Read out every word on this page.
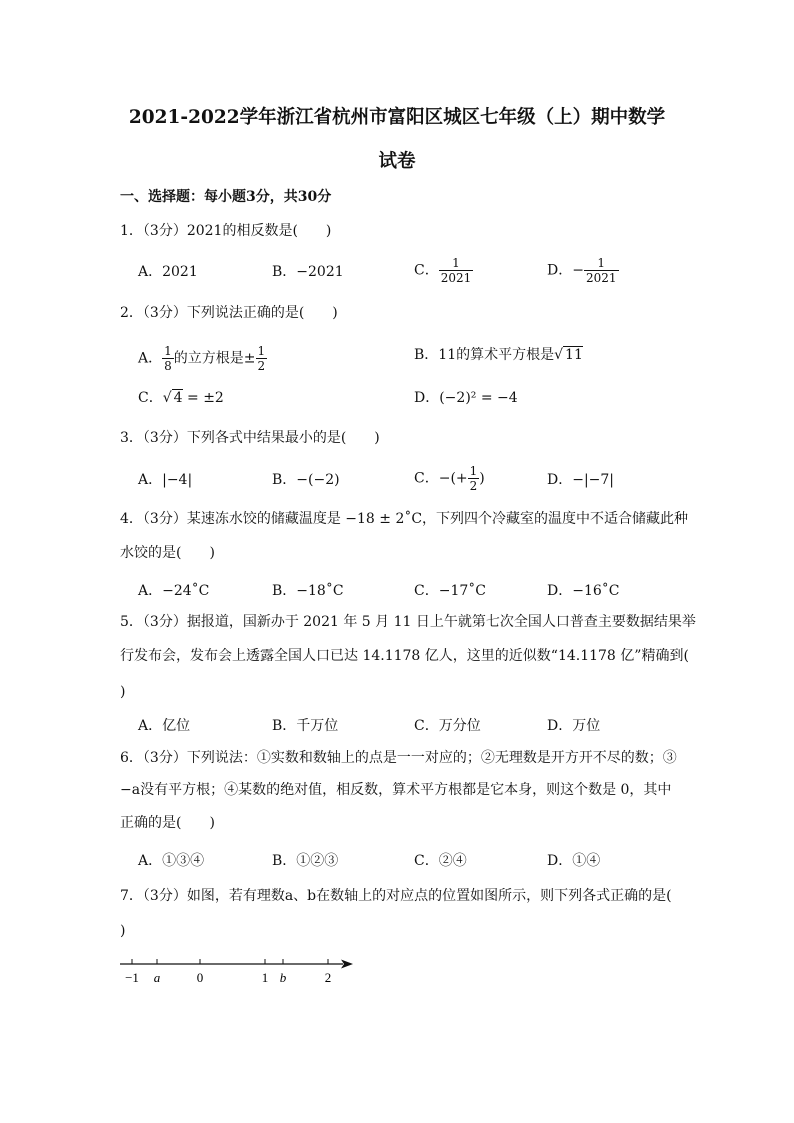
2021-2022学年浙江省杭州市富阳区城区七年级（上）期中数学
试卷
一、选择题：每小题3分，共30分
1．（3分）2021的相反数是(　　)
A．2021	B．−2021	C． $\frac{1}{2021}$	D．− $\frac{1}{2021}$
2．（3分）下列说法正确的是(　　)
A． $\frac{1}{8}$ 的立方根是± $\frac{1}{2}$	B．11的算术平方根是√ 11
C．√ 4 = ±2	D．(−2)² = −4
3．（3分）下列各式中结果最小的是(　　)
A．|−4|	B．−(−2)	C．−(+ $\frac{1}{2}$ )	D．−|−7|
4．（3分）某速冻水饺的储藏温度是 −18 ± 2˚C，下列四个冷藏室的温度中不适合储藏此种
水饺的是(　　)
A．−24˚C	B．−18˚C	C．−17˚C	D．−16˚C
5．（3分）据报道，国新办于 2021 年 5 月 11 日上午就第七次全国人口普查主要数据结果举
行发布会，发布会上透露全国人口已达 14.1178 亿人，这里的近似数“14.1178 亿”精确到(
)
A．亿位	B．千万位	C．万分位	D．万位
6．（3分）下列说法：①实数和数轴上的点是一一对应的；②无理数是开方开不尽的数；③
−a没有平方根；④某数的绝对值，相反数，算术平方根都是它本身，则这个数是 0，其中
正确的是(　　)
A．①③④	B．①②③	C．②④	D．①④
7．（3分）如图，若有理数a、b在数轴上的对应点的位置如图所示，则下列各式正确的是(
)
−1 a	0	1 b	2
